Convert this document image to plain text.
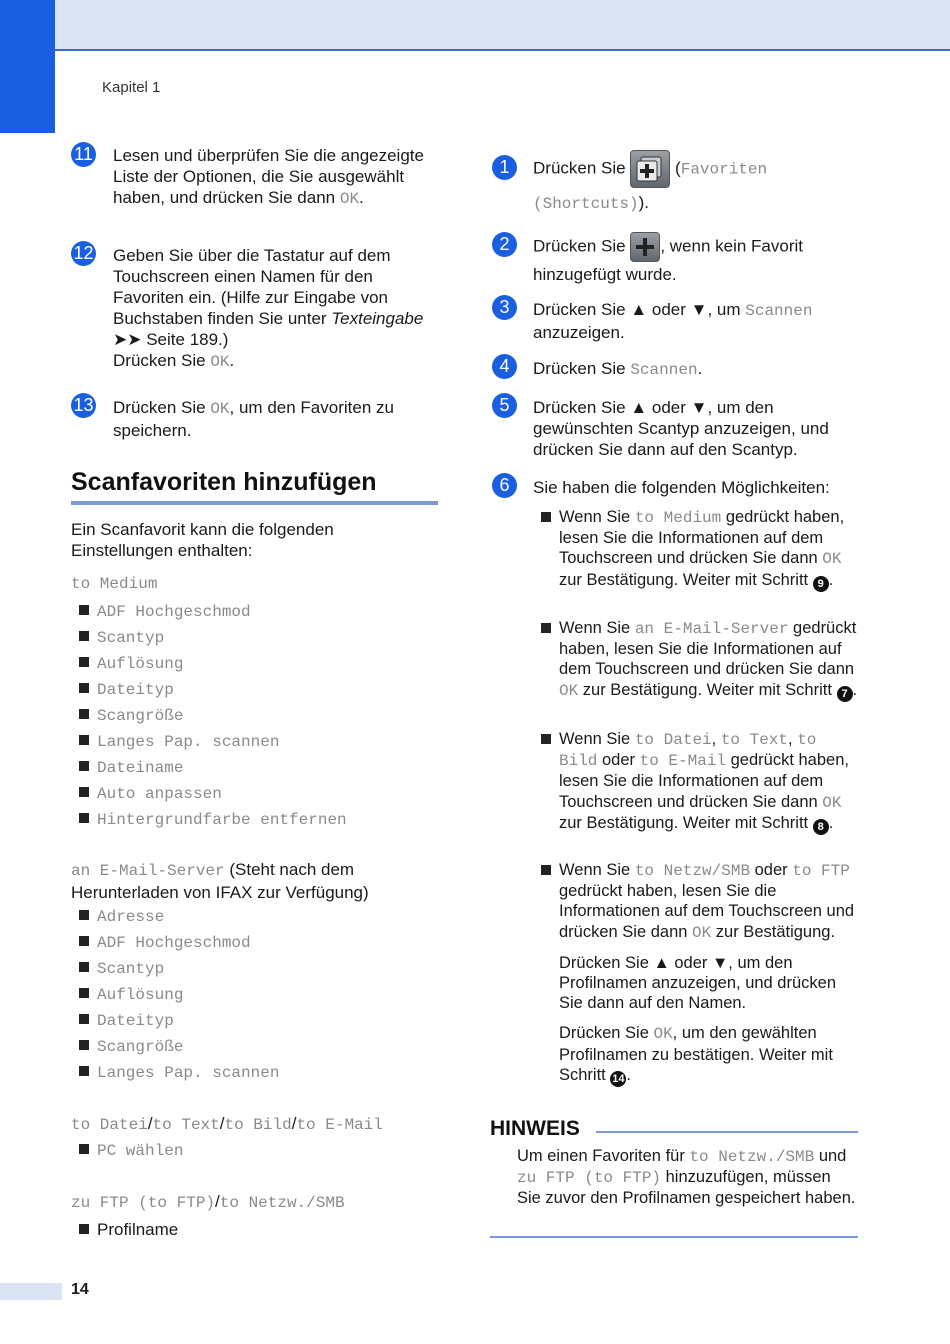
Kapitel 1
11 Lesen und überprüfen Sie die angezeigte Liste der Optionen, die Sie ausgewählt haben, und drücken Sie dann OK.
12 Geben Sie über die Tastatur auf dem Touchscreen einen Namen für den Favoriten ein. (Hilfe zur Eingabe von Buchstaben finden Sie unter Texteingabe ➤➤ Seite 189.)

Drücken Sie OK.

13 Drücken Sie OK, um den Favoriten zu speichern.
Scanfavoriten hinzufügen
Ein Scanfavorit kann die folgenden Einstellungen enthalten:
to Medium
ADF Hochgeschmod
Scantyp
Auflösung
Dateityp
Scangröße
Langes Pap. scannen
Dateiname
Auto anpassen
Hintergrundfarbe entfernen
an E-Mail-Server (Steht nach dem Herunterladen von IFAX zur Verfügung)
Adresse
ADF Hochgeschmod
Scantyp
Auflösung
Dateityp
Scangröße
Langes Pap. scannen
to Datei/to Text/to Bild/to E-Mail
PC wählen
zu FTP (to FTP)/to Netzw./SMB
Profilname
1	Drücken Sie  (Favoriten (Shortcuts)).
2	Drücken Sie , wenn kein Favorit hinzugefügt wurde.
3	Drücken Sie ▲ oder ▼, um Scannen anzuzeigen.
4	Drücken Sie Scannen.
5	Drücken Sie ▲ oder ▼, um den gewünschten Scantyp anzuzeigen, und drücken Sie dann auf den Scantyp.
6	Sie haben die folgenden Möglichkeiten:
Wenn Sie to Medium gedrückt haben, lesen Sie die Informationen auf dem Touchscreen und drücken Sie dann OK zur Bestätigung. Weiter mit Schritt 9 .
Wenn Sie an E-Mail-Server gedrückt haben, lesen Sie die Informationen auf dem Touchscreen und drücken Sie dann OK zur Bestätigung. Weiter mit Schritt 7 .
Wenn Sie to Datei, to Text, to Bild oder to E-Mail gedrückt haben, lesen Sie die Informationen auf dem Touchscreen und drücken Sie dann OK zur Bestätigung. Weiter mit Schritt 8 .
Wenn Sie to Netzw/SMB oder to FTP gedrückt haben, lesen Sie die Informationen auf dem Touchscreen und drücken Sie dann OK zur Bestätigung.
Drücken Sie ▲ oder ▼, um den Profilnamen anzuzeigen, und drücken Sie dann auf den Namen.
Drücken Sie OK, um den gewählten Profilnamen zu bestätigen. Weiter mit Schritt 14 .
HINWEIS
Um einen Favoriten für to Netzw./SMB und zu FTP (to FTP) hinzuzufügen, müssen Sie zuvor den Profilnamen gespeichert haben.
14
